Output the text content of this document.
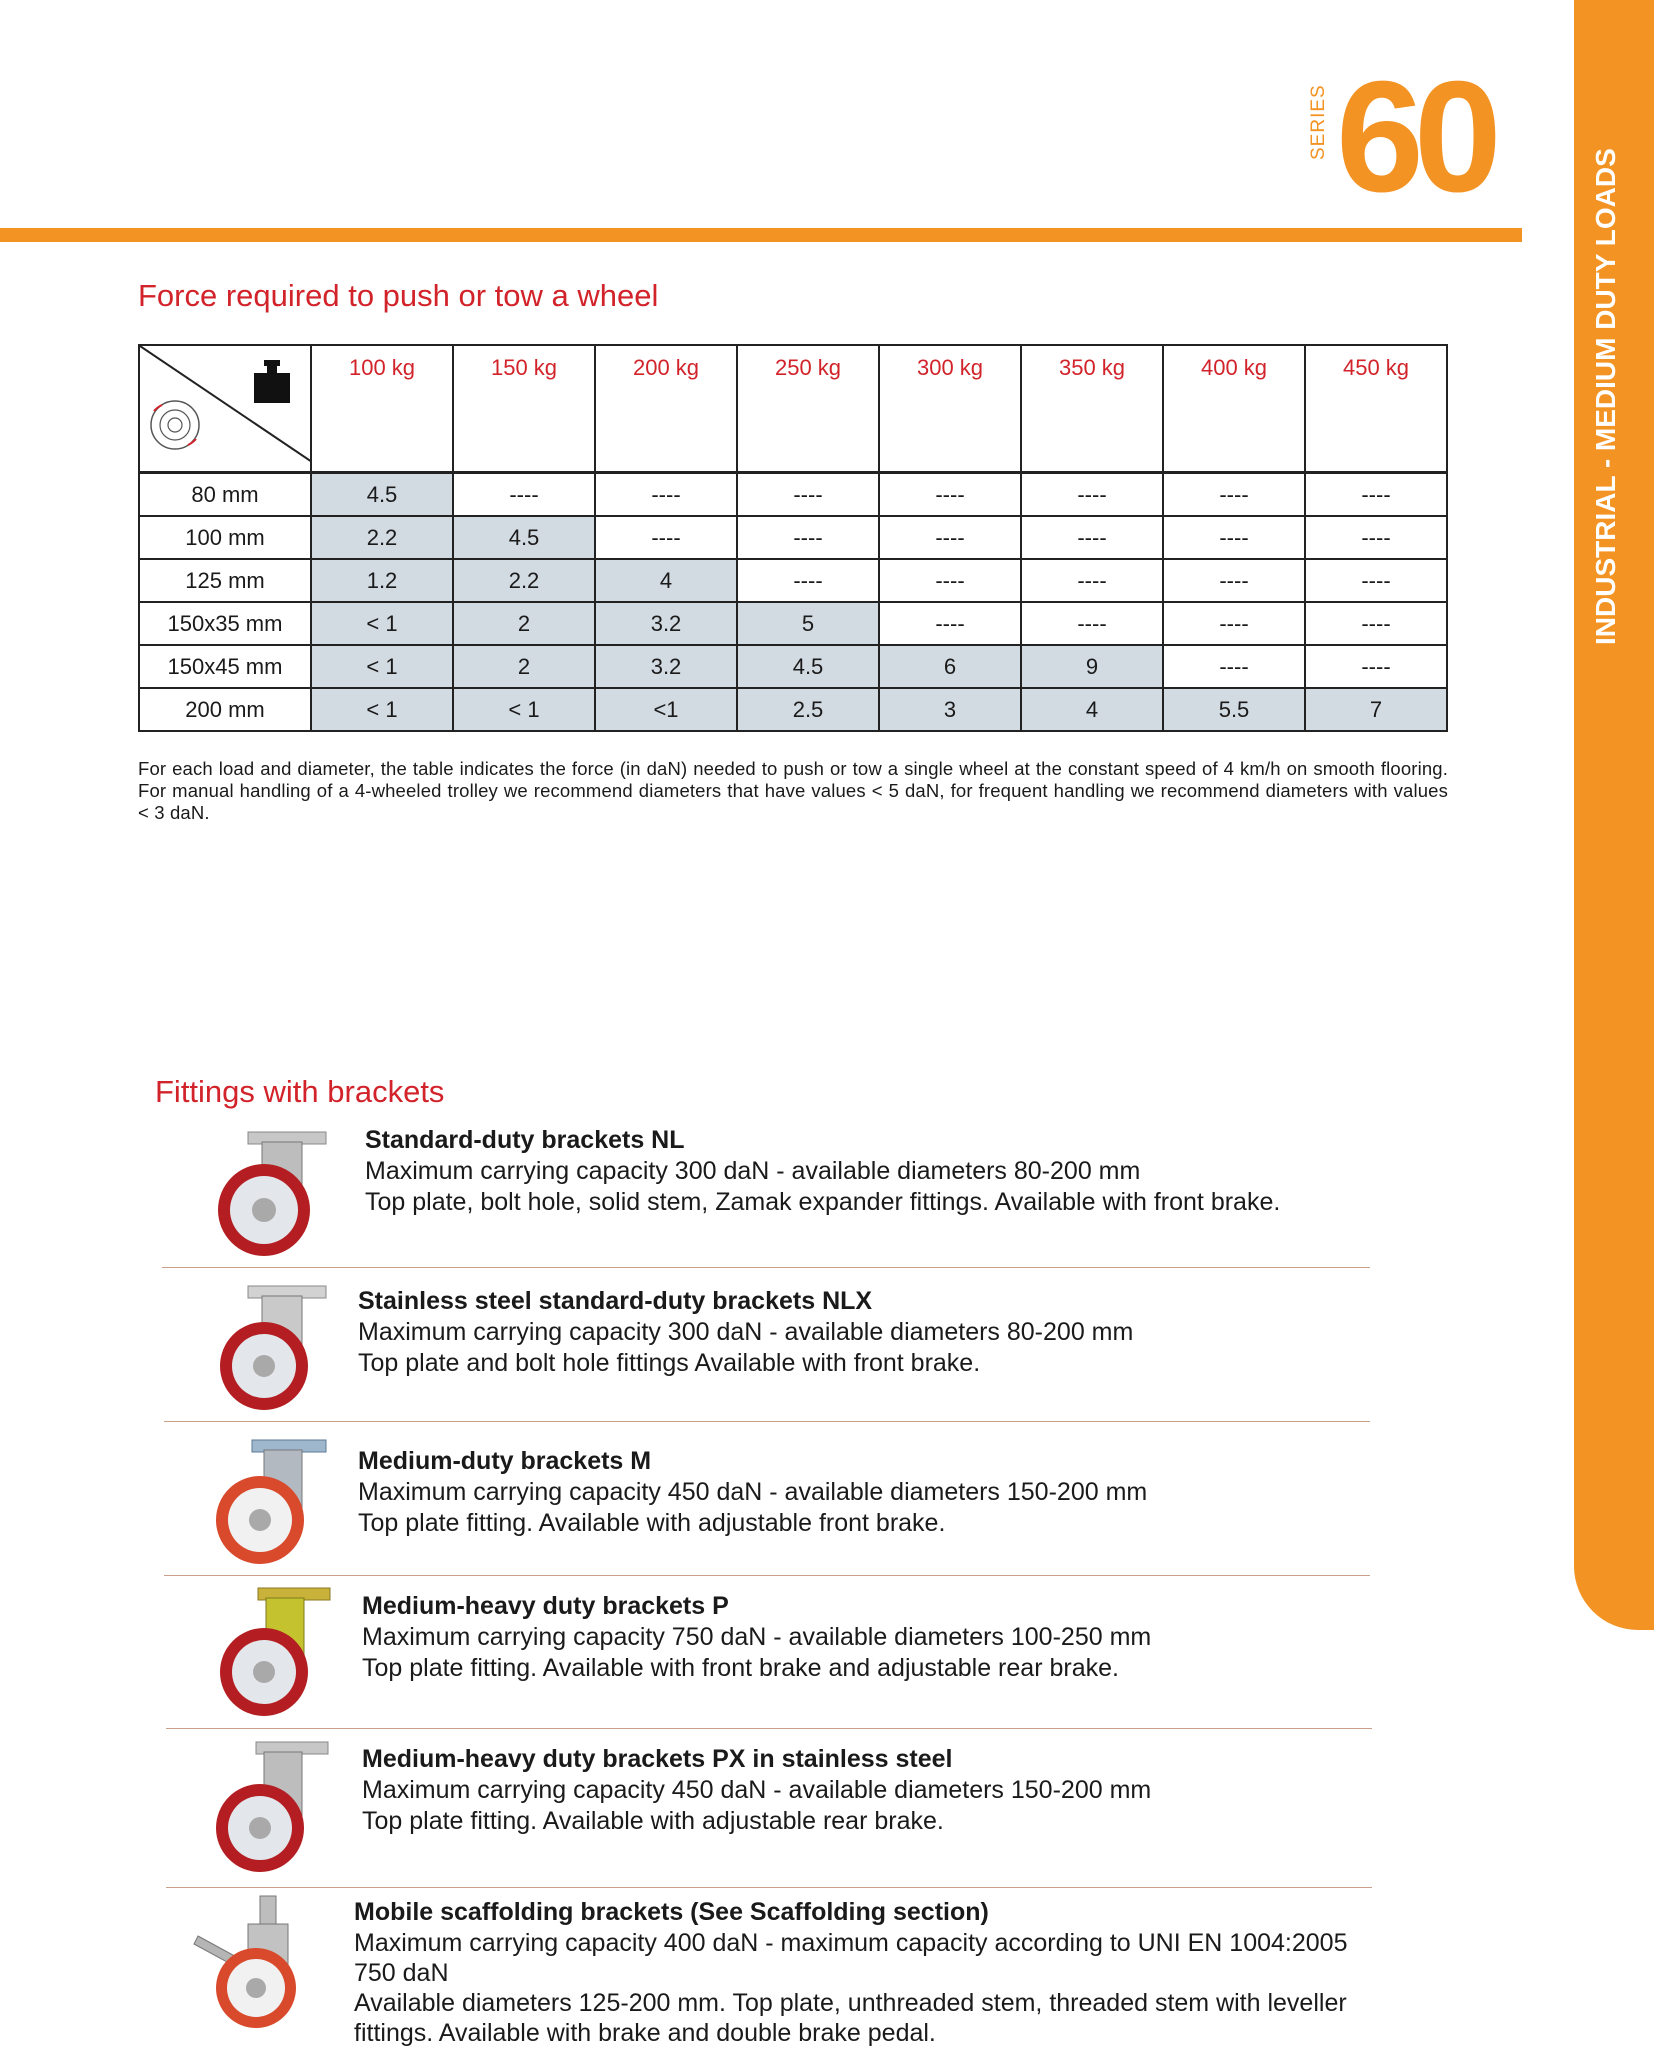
SERIES 60
INDUSTRIAL - MEDIUM DUTY LOADS
Force required to push or tow a wheel
	100 kg	150 kg	200 kg	250 kg	300 kg	350 kg	400 kg	450 kg
80 mm	4.5	----	----	----	----	----	----	----
100 mm	2.2	4.5	----	----	----	----	----	----
125 mm	1.2	2.2	4	----	----	----	----	----
150x35 mm	< 1	2	3.2	5	----	----	----	----
150x45 mm	< 1	2	3.2	4.5	6	9	----	----
200 mm	< 1	< 1	<1	2.5	3	4	5.5	7
For each load and diameter, the table indicates the force (in daN) needed to push or tow a single wheel at the constant speed of 4 km/h on smooth flooring. For manual handling of a 4-wheeled trolley we recommend diameters that have values < 5 daN, for frequent handling we recommend diameters with values < 3 daN.
Fittings with brackets
Standard-duty brackets NL
Maximum carrying capacity 300 daN - available diameters 80-200 mm
Top plate, bolt hole, solid stem, Zamak expander fittings. Available with front brake.
Stainless steel standard-duty brackets NLX
Maximum carrying capacity 300 daN - available diameters 80-200 mm
Top plate and bolt hole fittings Available with front brake.
Medium-duty brackets M
Maximum carrying capacity 450 daN - available diameters 150-200 mm
Top plate fitting. Available with adjustable front brake.
Medium-heavy duty brackets P
Maximum carrying capacity 750 daN - available diameters 100-250 mm
Top plate fitting. Available with front brake and adjustable rear brake.
Medium-heavy duty brackets PX in stainless steel
Maximum carrying capacity 450 daN - available diameters 150-200 mm
Top plate fitting. Available with adjustable rear brake.
Mobile scaffolding brackets (See Scaffolding section)
Maximum carrying capacity 400 daN - maximum capacity according to UNI EN 1004:2005
750 daN
Available diameters 125-200 mm. Top plate, unthreaded stem, threaded stem with leveller
fittings. Available with brake and double brake pedal.
